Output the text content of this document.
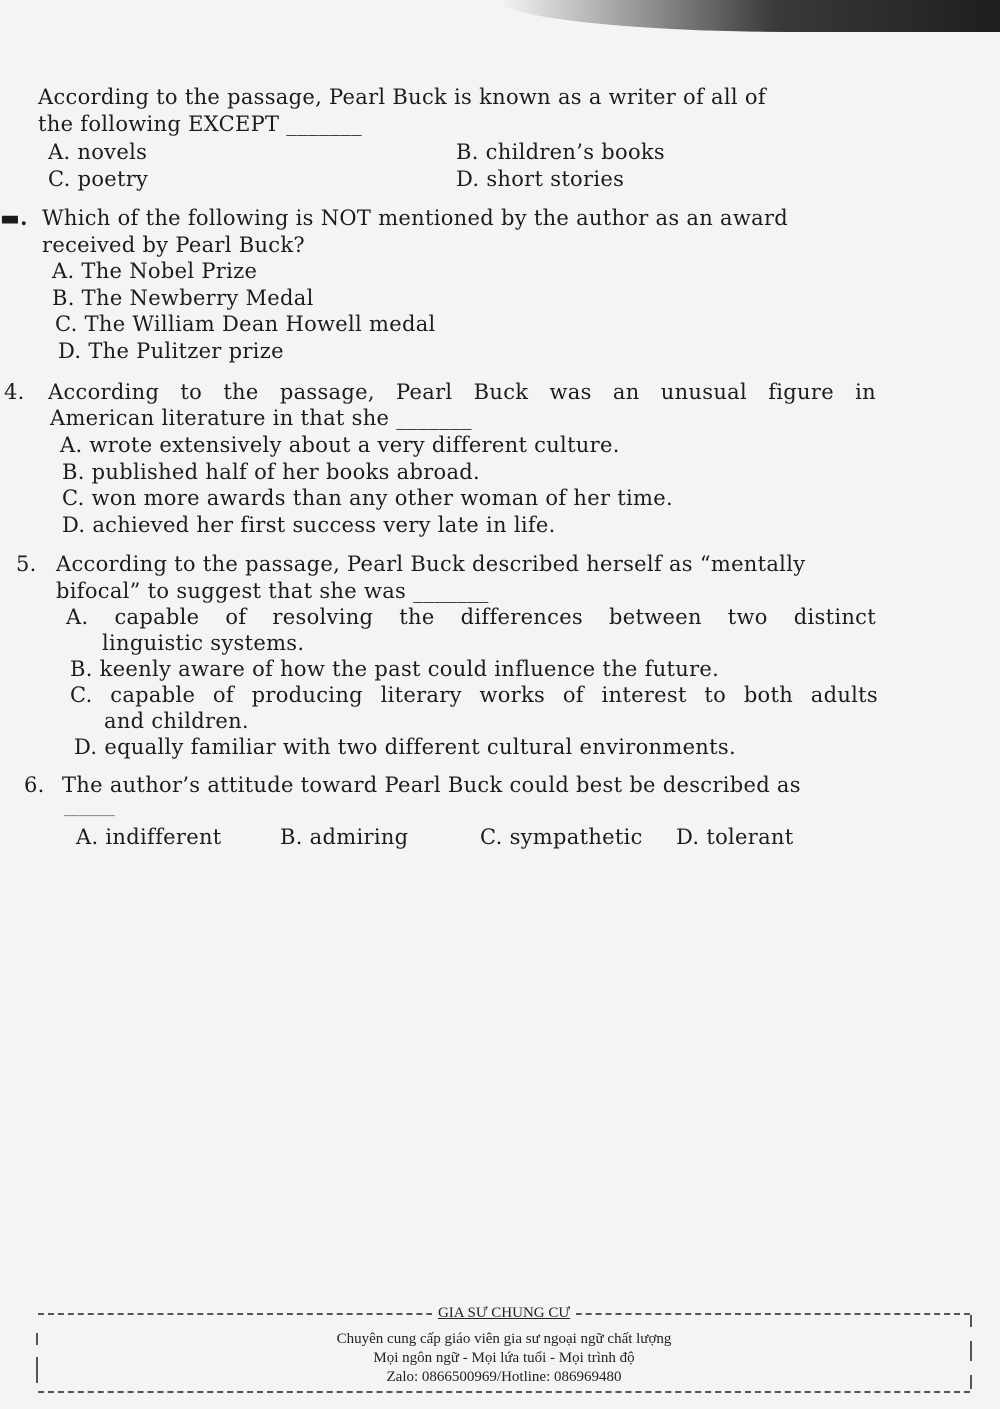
According to the passage, Pearl Buck is known as a writer of all of
the following EXCEPT _______
A. novels	B. children’s books
C. poetry	D. short stories
▬. Which of the following is NOT mentioned by the author as an award
received by Pearl Buck?
A. The Nobel Prize
B. The Newberry Medal
C. The William Dean Howell medal
D. The Pulitzer prize
4. According to the passage, Pearl Buck was an unusual figure in
American literature in that she _______
A. wrote extensively about a very different culture.
B. published half of her books abroad.
C. won more awards than any other woman of her time.
D. achieved her first success very late in life.
5. According to the passage, Pearl Buck described herself as “mentally
bifocal” to suggest that she was _______
A. capable of resolving the differences between two distinct
linguistic systems.
B. keenly aware of how the past could influence the future.
C. capable of producing literary works of interest to both adults
and children.
D. equally familiar with two different cultural environments.
6. The author’s attitude toward Pearl Buck could best be described as
_______
A. indifferent	B. admiring	C. sympathetic D. tolerant
GIA SƯ CHUNG CƯ
Chuyên cung cấp giáo viên gia sư ngoại ngữ chất lượng
Mọi ngôn ngữ - Mọi lứa tuổi - Mọi trình độ
Zalo: 0866500969/Hotline: 086969480
